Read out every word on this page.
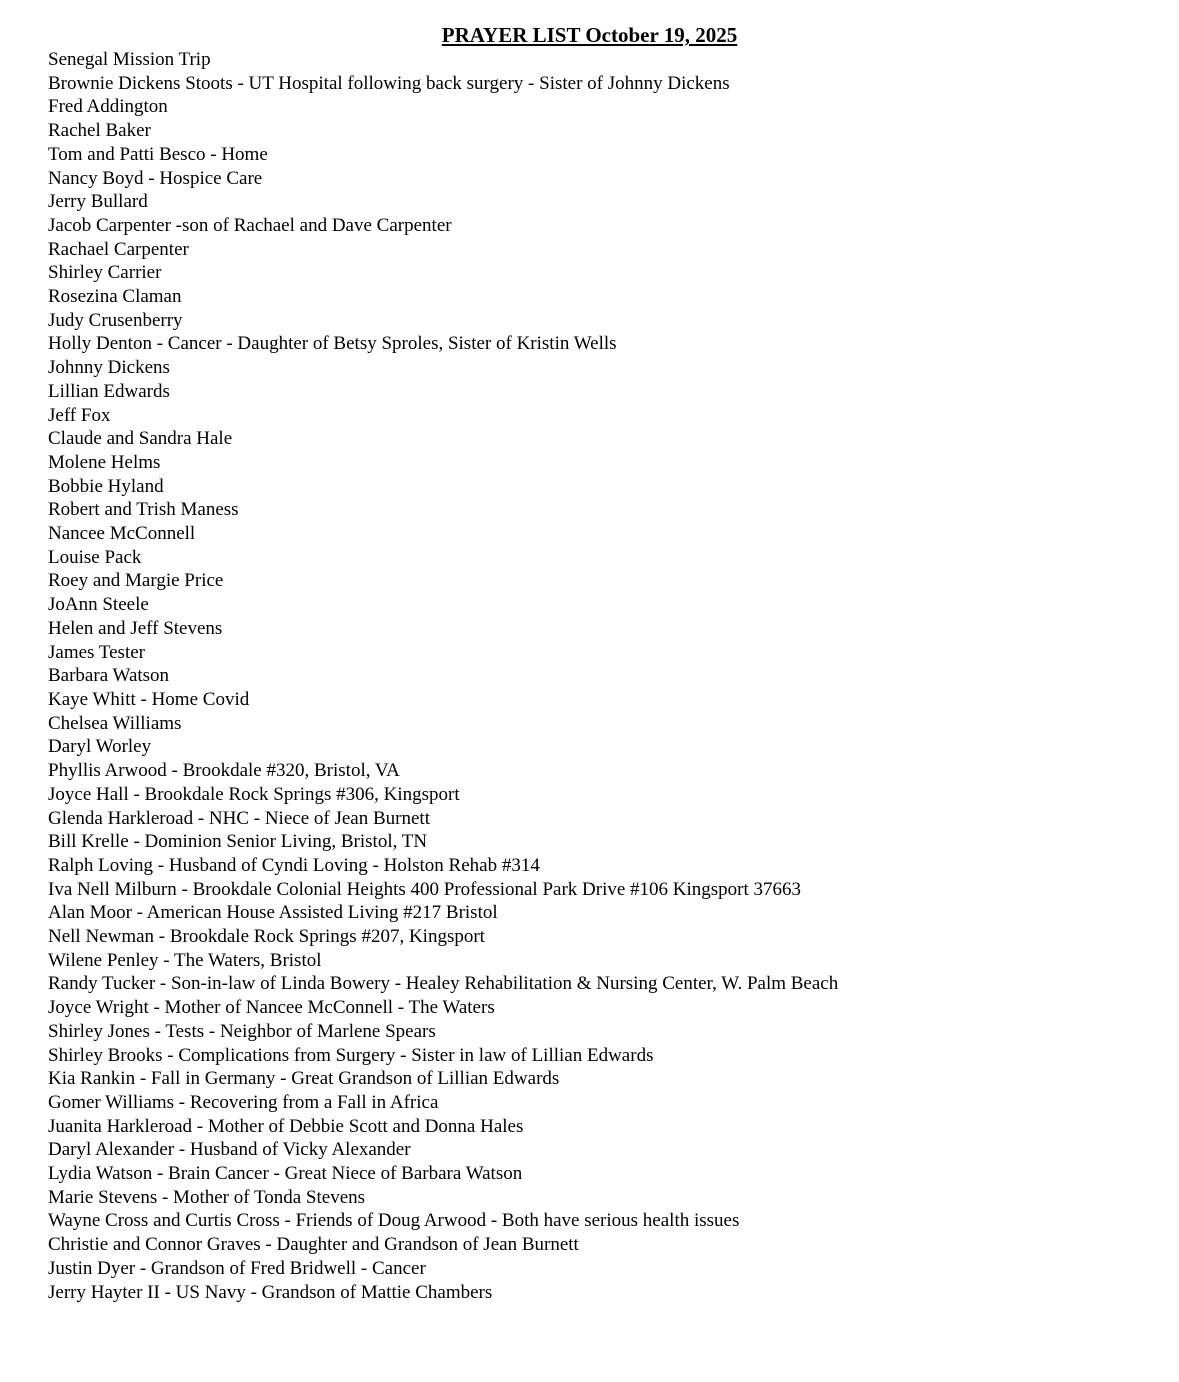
PRAYER LIST October 19, 2025
Senegal Mission Trip
Brownie Dickens Stoots - UT Hospital following back surgery - Sister of Johnny Dickens
Fred Addington
Rachel Baker
Tom and Patti Besco - Home
Nancy Boyd - Hospice Care
Jerry Bullard
Jacob Carpenter -son of Rachael and Dave Carpenter
Rachael Carpenter
Shirley Carrier
Rosezina Claman
Judy Crusenberry
Holly Denton - Cancer - Daughter of Betsy Sproles, Sister of Kristin Wells
Johnny Dickens
Lillian Edwards
Jeff Fox
Claude and Sandra Hale
Molene Helms
Bobbie Hyland
Robert and Trish Maness
Nancee McConnell
Louise Pack
Roey and Margie Price
JoAnn Steele
Helen and Jeff Stevens
James Tester
Barbara Watson
Kaye Whitt - Home Covid
Chelsea Williams
Daryl Worley
Phyllis Arwood - Brookdale #320, Bristol, VA
Joyce Hall - Brookdale Rock Springs #306, Kingsport
Glenda Harkleroad - NHC - Niece of Jean Burnett
Bill Krelle - Dominion Senior Living, Bristol, TN
Ralph Loving - Husband of Cyndi Loving - Holston Rehab #314
Iva Nell Milburn - Brookdale Colonial Heights 400 Professional Park Drive #106 Kingsport 37663
Alan Moor - American House Assisted Living #217 Bristol
Nell Newman - Brookdale Rock Springs #207, Kingsport
Wilene Penley - The Waters, Bristol
Randy Tucker - Son-in-law of Linda Bowery - Healey Rehabilitation & Nursing Center, W. Palm Beach
Joyce Wright - Mother of Nancee McConnell - The Waters
Shirley Jones - Tests - Neighbor of Marlene Spears
Shirley Brooks - Complications from Surgery - Sister in law of Lillian Edwards
Kia Rankin - Fall in Germany - Great Grandson of Lillian Edwards
Gomer Williams - Recovering from a Fall in Africa
Juanita Harkleroad - Mother of Debbie Scott and Donna Hales
Daryl Alexander - Husband of Vicky Alexander
Lydia Watson - Brain Cancer - Great Niece of Barbara Watson
Marie Stevens - Mother of Tonda Stevens
Wayne Cross and Curtis Cross - Friends of Doug Arwood - Both have serious health issues
Christie and Connor Graves - Daughter and Grandson of Jean Burnett
Justin Dyer - Grandson of Fred Bridwell - Cancer
Jerry Hayter II - US Navy - Grandson of Mattie Chambers
